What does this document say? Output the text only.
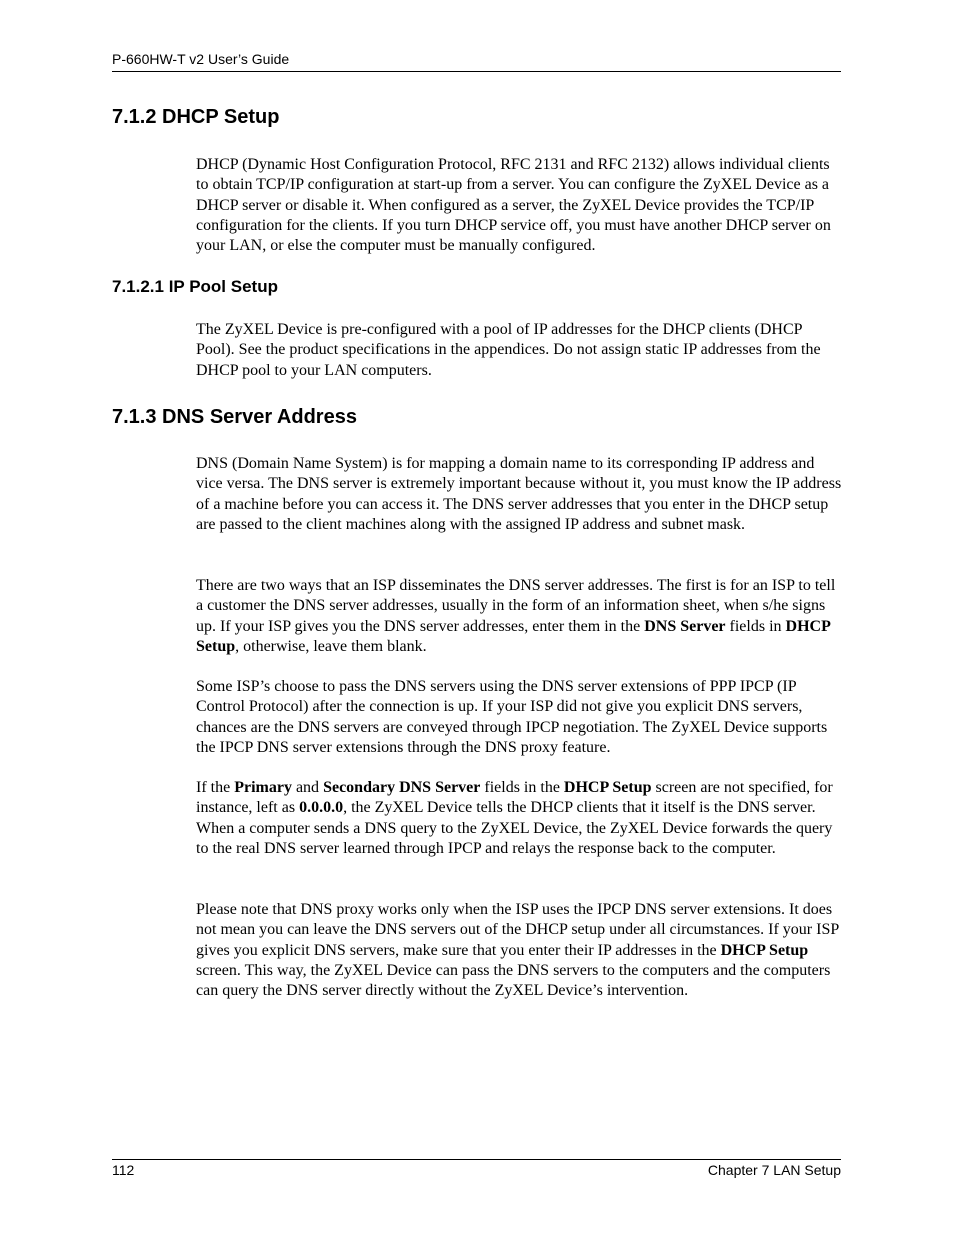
P-660HW-T v2 User’s Guide
7.1.2 DHCP Setup

DHCP (Dynamic Host Configuration Protocol, RFC 2131 and RFC 2132) allows individual clients to obtain TCP/IP configuration at start-up from a server. You can configure the ZyXEL Device as a DHCP server or disable it. When configured as a server, the ZyXEL Device provides the TCP/IP configuration for the clients. If you turn DHCP service off, you must have another DHCP server on your LAN, or else the computer must be manually configured.

7.1.2.1 IP Pool Setup

The ZyXEL Device is pre-configured with a pool of IP addresses for the DHCP clients (DHCP Pool). See the product specifications in the appendices. Do not assign static IP addresses from the DHCP pool to your LAN computers.

7.1.3 DNS Server Address

DNS (Domain Name System) is for mapping a domain name to its corresponding IP address and vice versa. The DNS server is extremely important because without it, you must know the IP address of a machine before you can access it. The DNS server addresses that you enter in the DHCP setup are passed to the client machines along with the assigned IP address and subnet mask.

There are two ways that an ISP disseminates the DNS server addresses. The first is for an ISP to tell a customer the DNS server addresses, usually in the form of an information sheet, when s/he signs up. If your ISP gives you the DNS server addresses, enter them in the DNS Server fields in DHCP Setup, otherwise, leave them blank.

Some ISP’s choose to pass the DNS servers using the DNS server extensions of PPP IPCP (IP Control Protocol) after the connection is up. If your ISP did not give you explicit DNS servers, chances are the DNS servers are conveyed through IPCP negotiation. The ZyXEL Device supports the IPCP DNS server extensions through the DNS proxy feature.

If the Primary and Secondary DNS Server fields in the DHCP Setup screen are not specified, for instance, left as 0.0.0.0, the ZyXEL Device tells the DHCP clients that it itself is the DNS server. When a computer sends a DNS query to the ZyXEL Device, the ZyXEL Device forwards the query to the real DNS server learned through IPCP and relays the response back to the computer.

Please note that DNS proxy works only when the ISP uses the IPCP DNS server extensions. It does not mean you can leave the DNS servers out of the DHCP setup under all circumstances. If your ISP gives you explicit DNS servers, make sure that you enter their IP addresses in the DHCP Setup screen. This way, the ZyXEL Device can pass the DNS servers to the computers and the computers can query the DNS server directly without the ZyXEL Device’s intervention.

112	Chapter 7 LAN Setup
